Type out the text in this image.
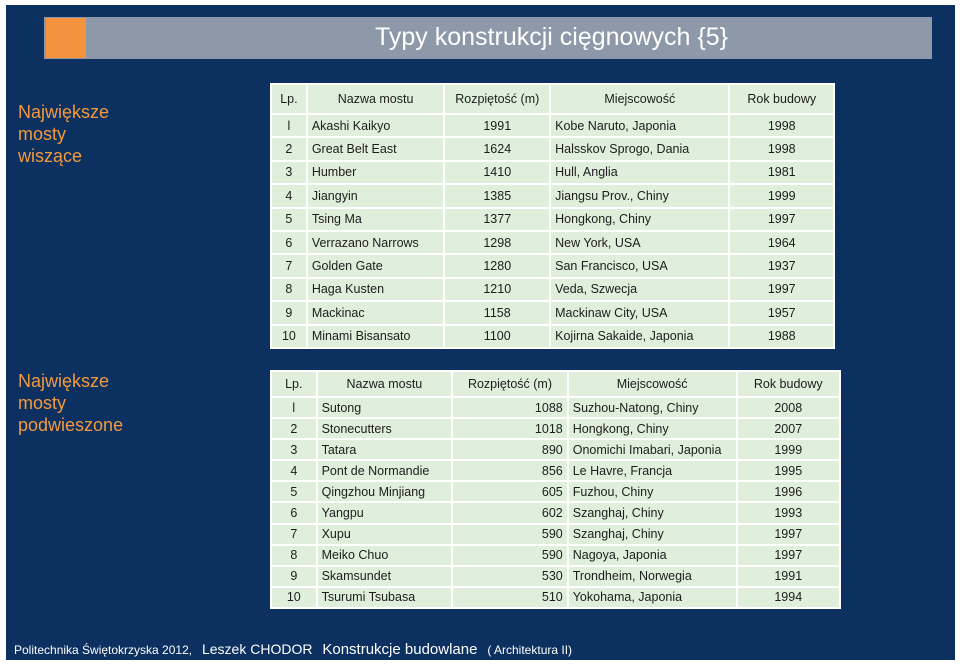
Typy konstrukcji cięgnowych {5}
Największe mosty wiszące
Największe mosty podwieszone
Lp.	Nazwa mostu	Rozpiętość (m)	Miejscowość	Rok budowy
l	Akashi Kaikyo	1991	Kobe Naruto, Japonia	1998
2	Great Belt East	1624	Halsskov Sprogo, Dania	1998
3	Humber	1410	Hull, Anglia	1981
4	Jiangyin	1385	Jiangsu Prov., Chiny	1999
5	Tsing Ma	1377	Hongkong, Chiny	1997
6	Verrazano Narrows	1298	New York, USA	1964
7	Golden Gate	1280	San Francisco, USA	1937
8	Haga Kusten	1210	Veda, Szwecja	1997
9	Mackinac	1158	Mackinaw City, USA	1957
10	Minami Bisansato	1100	Kojirna Sakaide, Japonia	1988
Lp.	Nazwa mostu	Rozpiętość (m)	Miejscowość	Rok budowy
l	Sutong	1088	Suzhou-Natong, Chiny	2008
2	Stonecutters	1018	Hongkong, Chiny	2007
3	Tatara	890	Onomichi Imabari, Japonia	1999
4	Pont de Normandie	856	Le Havre, Francja	1995
5	Qingzhou Minjiang	605	Fuzhou, Chiny	1996
6	Yangpu	602	Szanghaj, Chiny	1993
7	Xupu	590	Szanghaj, Chiny	1997
8	Meiko Chuo	590	Nagoya, Japonia	1997
9	Skamsundet	530	Trondheim, Norwegia	1991
10	Tsurumi Tsubasa	510	Yokohama, Japonia	1994
Politechnika Świętokrzyska 2012, Leszek CHODOR Konstrukcje budowlane ( Architektura II)
